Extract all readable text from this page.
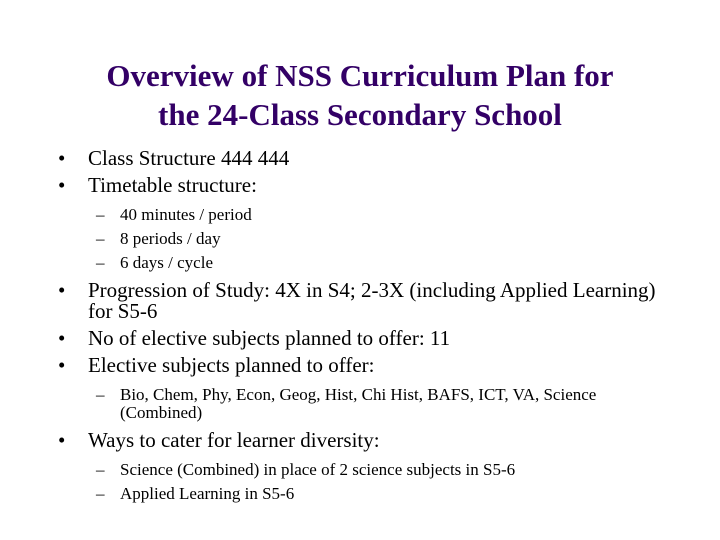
Overview of NSS Curriculum Plan for
the 24-Class Secondary School
•	Class Structure 444 444
•	Timetable structure:
– 40 minutes / period
– 8 periods / day
– 6 days / cycle
•	Progression of Study: 4X in S4; 2-3X (including Applied Learning) for S5-6
•	No of elective subjects planned to offer: 11
•	Elective subjects planned to offer:
– Bio, Chem, Phy, Econ, Geog, Hist, Chi Hist, BAFS, ICT, VA, Science (Combined)
•	Ways to cater for learner diversity:
– Science (Combined) in place of 2 science subjects in S5-6
– Applied Learning in S5-6
